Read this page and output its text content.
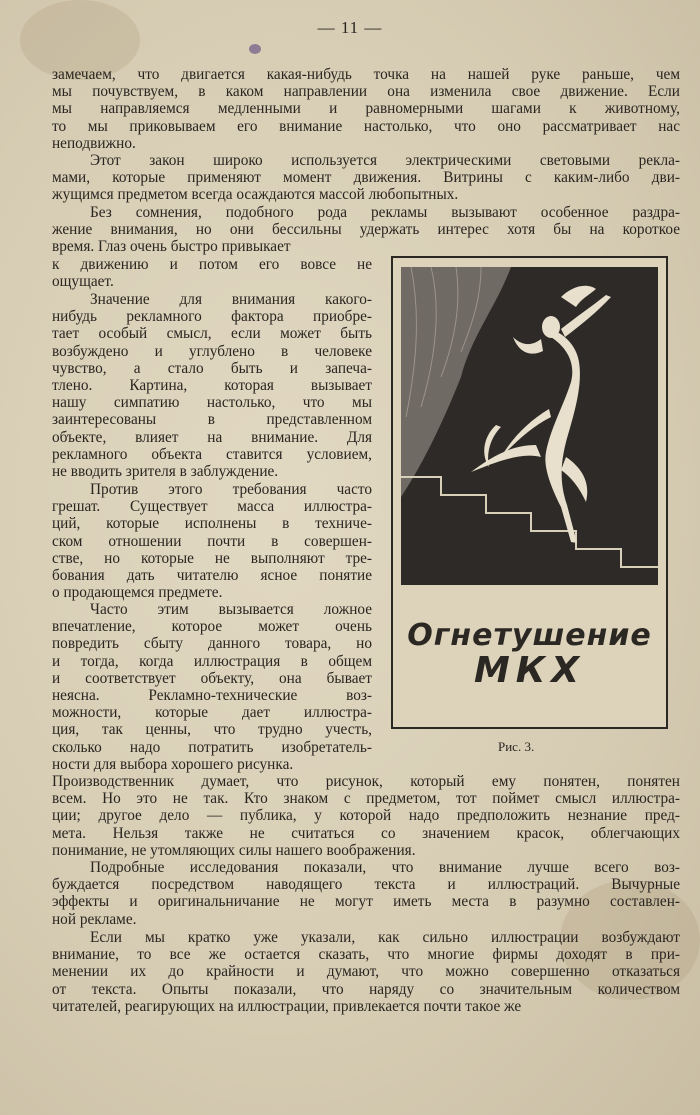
— 11 —
замечаем, что двигается какая-нибудь точка на нашей руке раньше, чем
мы почувствуем, в каком направлении она изменила свое движение. Если
мы направляемся медленными и равномерными шагами к животному,
то мы приковываем его внимание настолько, что оно рассматривает нас
неподвижно.
Этот закон широко используется электрическими световыми рекла-
мами, которые применяют момент движения. Витрины с каким-либо дви-
жущимся предметом всегда осаждаются массой любопытных.
Без сомнения, подобного рода рекламы вызывают особенное раздра-
жение внимания, но они бессильны удержать интерес хотя бы на короткое
время. Глаз очень быстро привыкает
к движению и потом его вовсе не
ощущает.
Значение для внимания какого-
нибудь рекламного фактора приобре-
тает особый смысл, если может быть
возбуждено и углублено в человеке
чувство, а стало быть и запеча-
тлено. Картина, которая вызывает
нашу симпатию настолько, что мы
заинтересованы в представленном
объекте, влияет на внимание. Для
рекламного объекта ставится условием,
не вводить зрителя в заблуждение.
Против этого требования часто
грешат. Существует масса иллюстра-
ций, которые исполнены в техниче-
ском отношении почти в совершен-
стве, но которые не выполняют тре-
бования дать читателю ясное понятие
о продающемся предмете.
Часто этим вызывается ложное
впечатление, которое может очень
повредить сбыту данного товара, но
и тогда, когда иллюстрация в общем
и соответствует объекту, она бывает
неясна. Рекламно-технические воз-
можности, которые дает иллюстра-
ция, так ценны, что трудно учесть,
сколько надо потратить изобретатель-
ности для выбора хорошего рисунка.
Производственник думает, что рисунок, который ему понятен, понятен
всем. Но это не так. Кто знаком с предметом, тот поймет смысл иллюстра-
ции; другое дело — публика, у которой надо предположить незнание пред-
мета. Нельзя также не считаться со значением красок, облегчающих
понимание, не утомляющих силы нашего воображения.
Подробные исследования показали, что внимание лучше всего воз-
буждается посредством наводящего текста и иллюстраций. Вычурные
эффекты и оригинальничание не могут иметь места в разумно составлен-
ной рекламе.
Если мы кратко уже указали, как сильно иллюстрации возбуждают
внимание, то все же остается сказать, что многие фирмы доходят в при-
менении их до крайности и думают, что можно совершенно отказаться
от текста. Опыты показали, что наряду со значительным количеством
читателей, реагирующих на иллюстрации, привлекается почти такое же
Огнетушение
МКХ
Рис. 3.
